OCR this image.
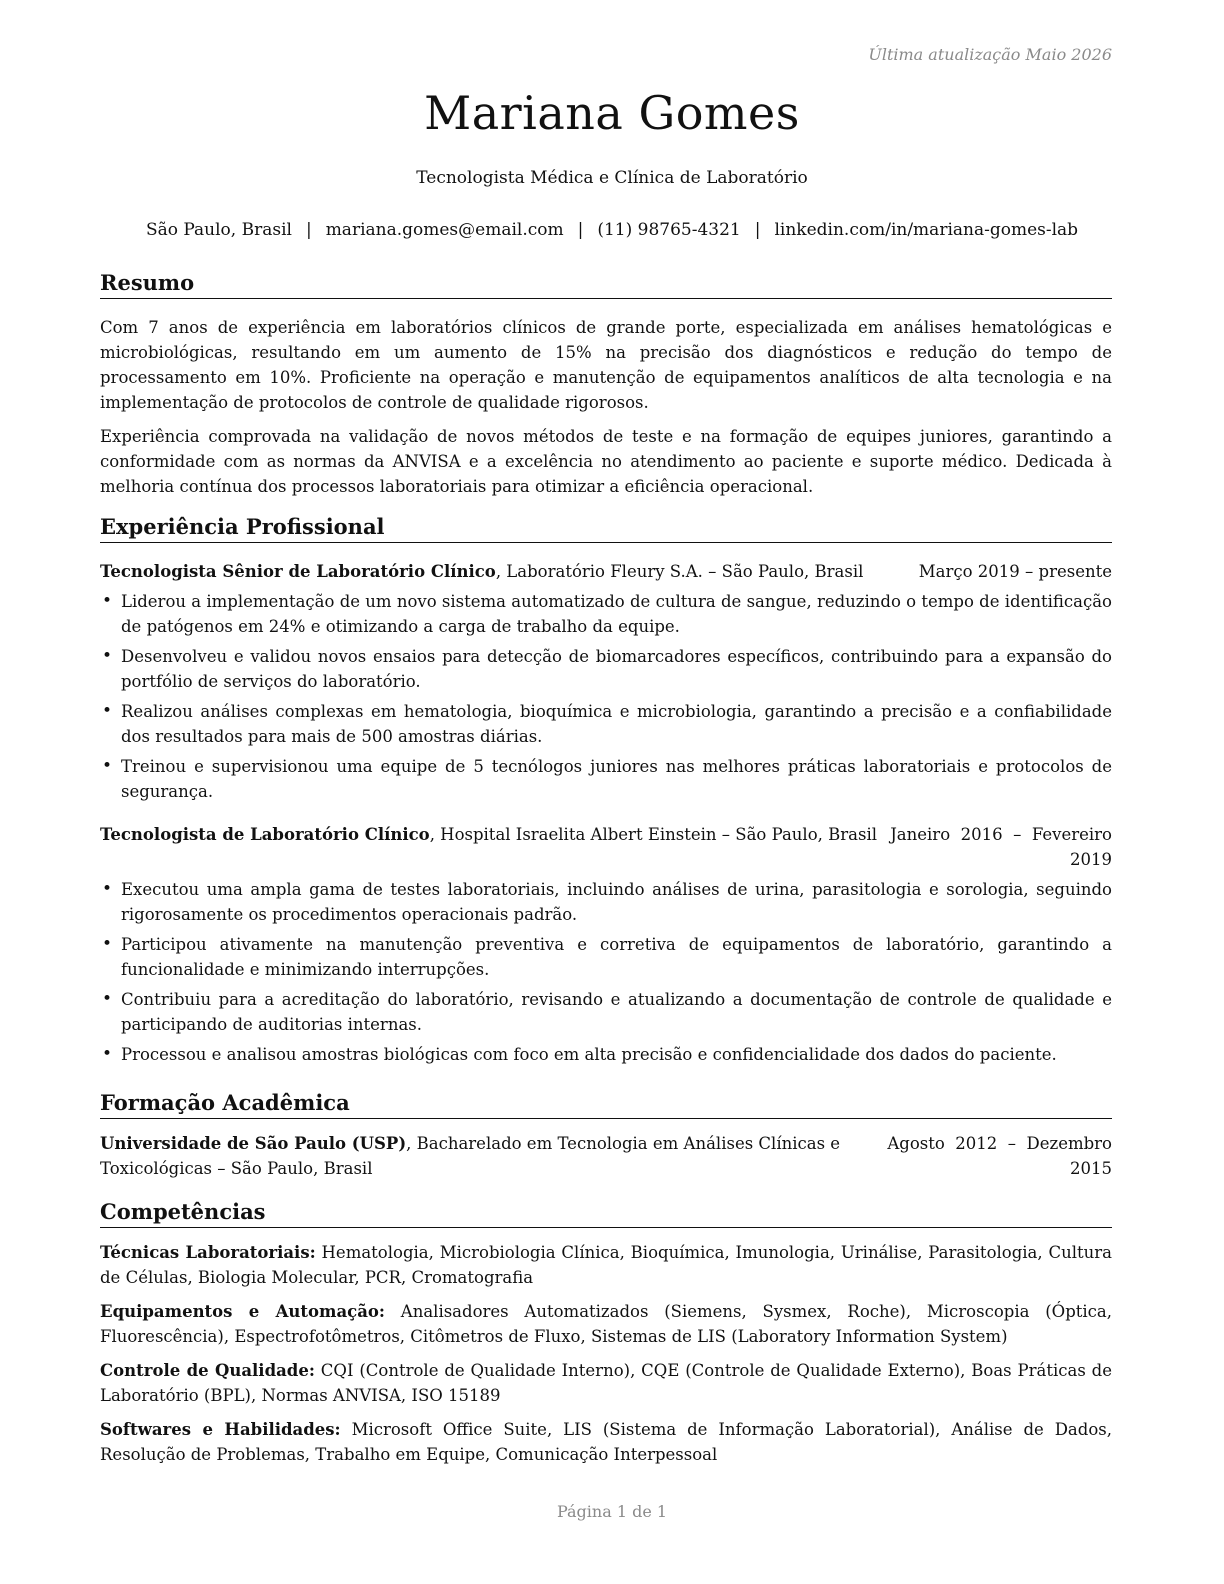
Última atualização Maio 2026
Mariana Gomes
Tecnologista Médica e Clínica de Laboratório
São Paulo, Brasil | mariana.gomes@email.com | (11) 98765-4321 | linkedin.com/in/mariana-gomes-lab
Resumo

Com 7 anos de experiência em laboratórios clínicos de grande porte, especializada em análises hematológicas e microbiológicas, resultando em um aumento de 15% na precisão dos diagnósticos e redução do tempo de processamento em 10%. Proficiente na operação e manutenção de equipamentos analíticos de alta tecnologia e na implementação de protocolos de controle de qualidade rigorosos.

Experiência comprovada na validação de novos métodos de teste e na formação de equipes juniores, garantindo a conformidade com as normas da ANVISA e a excelência no atendimento ao paciente e suporte médico. Dedicada à melhoria contínua dos processos laboratoriais para otimizar a eficiência operacional.

Experiência Profissional
Tecnologista Sênior de Laboratório Clínico, Laboratório Fleury S.A. – São Paulo, Brasil	Março 2019 – presente
• Liderou a implementação de um novo sistema automatizado de cultura de sangue, reduzindo o tempo de identificação de patógenos em 24% e otimizando a carga de trabalho da equipe.
• Desenvolveu e validou novos ensaios para detecção de biomarcadores específicos, contribuindo para a expansão do portfólio de serviços do laboratório.
• Realizou análises complexas em hematologia, bioquímica e microbiologia, garantindo a precisão e a confiabilidade dos resultados para mais de 500 amostras diárias.
• Treinou e supervisionou uma equipe de 5 tecnólogos juniores nas melhores práticas laboratoriais e protocolos de segurança.
Tecnologista de Laboratório Clínico, Hospital Israelita Albert Einstein – São Paulo, Brasil Janeiro  2016  –  Fevereiro
2019
• Executou uma ampla gama de testes laboratoriais, incluindo análises de urina, parasitologia e sorologia, seguindo rigorosamente os procedimentos operacionais padrão.
• Participou ativamente na manutenção preventiva e corretiva de equipamentos de laboratório, garantindo a funcionalidade e minimizando interrupções.
• Contribuiu para a acreditação do laboratório, revisando e atualizando a documentação de controle de qualidade e participando de auditorias internas.
• Processou e analisou amostras biológicas com foco em alta precisão e confidencialidade dos dados do paciente.
Formação Acadêmica
Universidade de São Paulo (USP), Bacharelado em Tecnologia em Análises Clínicas e	Agosto  2012  –  Dezembro
Toxicológicas – São Paulo, Brasil	2015
Competências
Técnicas Laboratoriais: Hematologia, Microbiologia Clínica, Bioquímica, Imunologia, Urinálise, Parasitologia, Cultura de Células, Biologia Molecular, PCR, Cromatografia
Equipamentos e Automação: Analisadores Automatizados (Siemens, Sysmex, Roche), Microscopia (Óptica, Fluorescência), Espectrofotômetros, Citômetros de Fluxo, Sistemas de LIS (Laboratory Information System)
Controle de Qualidade: CQI (Controle de Qualidade Interno), CQE (Controle de Qualidade Externo), Boas Práticas de Laboratório (BPL), Normas ANVISA, ISO 15189
Softwares e Habilidades: Microsoft Office Suite, LIS (Sistema de Informação Laboratorial), Análise de Dados, Resolução de Problemas, Trabalho em Equipe, Comunicação Interpessoal
Página 1 de 1
